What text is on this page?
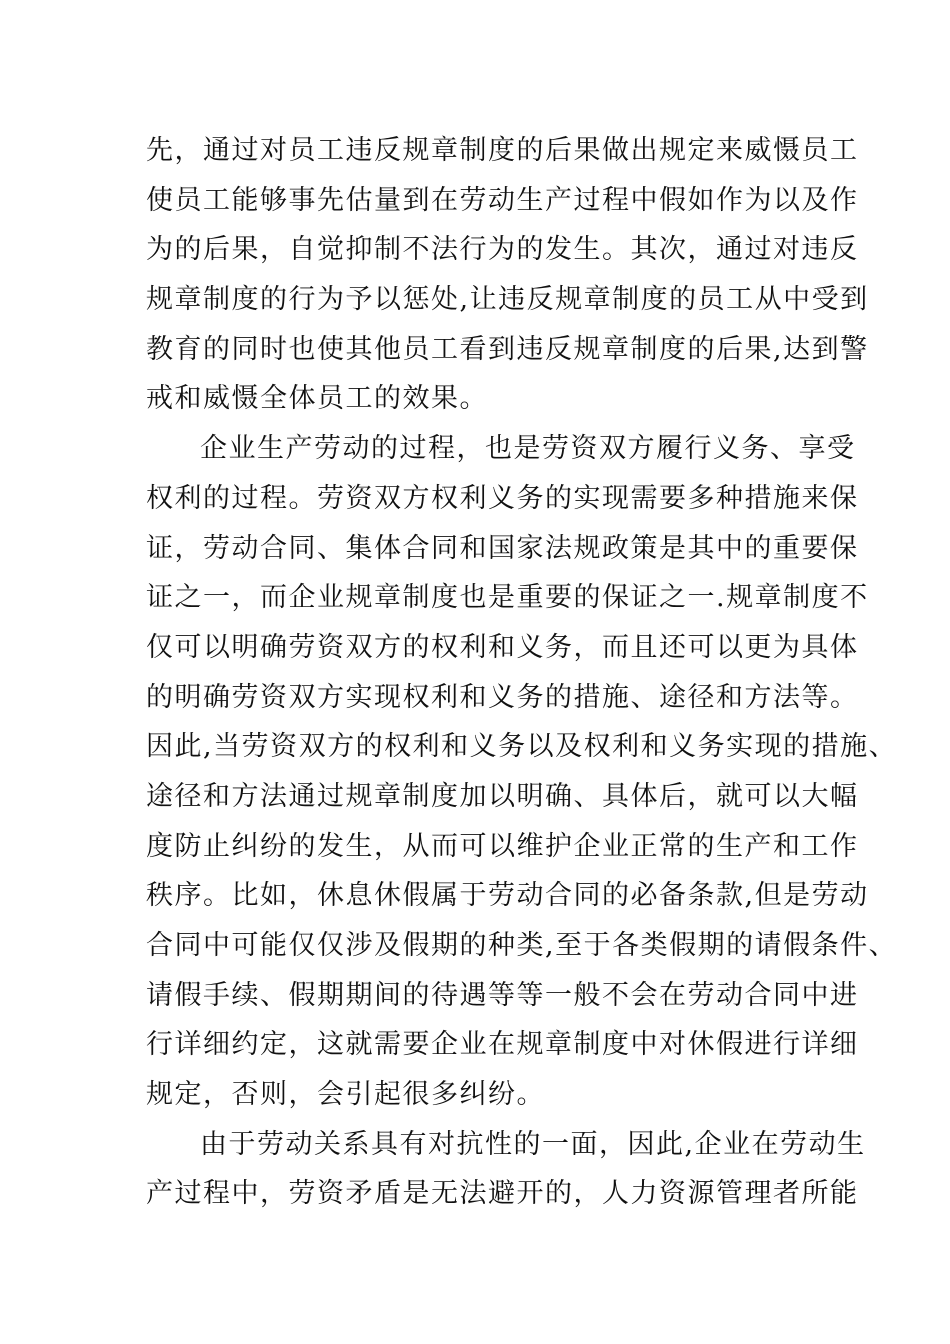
先，通过对员工违反规章制度的后果做出规定来威慑员工
使员工能够事先估量到在劳动生产过程中假如作为以及作
为的后果，自觉抑制不法行为的发生。其次，通过对违反
规章制度的行为予以惩处,让违反规章制度的员工从中受到
教育的同时也使其他员工看到违反规章制度的后果,达到警
戒和威慑全体员工的效果。
企业生产劳动的过程，也是劳资双方履行义务、享受
权利的过程。劳资双方权利义务的实现需要多种措施来保
证，劳动合同、集体合同和国家法规政策是其中的重要保
证之一，而企业规章制度也是重要的保证之一.规章制度不
仅可以明确劳资双方的权利和义务，而且还可以更为具体
的明确劳资双方实现权利和义务的措施、途径和方法等。
因此,当劳资双方的权利和义务以及权利和义务实现的措施、
途径和方法通过规章制度加以明确、具体后，就可以大幅
度防止纠纷的发生，从而可以维护企业正常的生产和工作
秩序。比如，休息休假属于劳动合同的必备条款,但是劳动
合同中可能仅仅涉及假期的种类,至于各类假期的请假条件、
请假手续、假期期间的待遇等等一般不会在劳动合同中进
行详细约定，这就需要企业在规章制度中对休假进行详细
规定，否则，会引起很多纠纷。
由于劳动关系具有对抗性的一面，因此,企业在劳动生
产过程中，劳资矛盾是无法避开的，人力资源管理者所能
